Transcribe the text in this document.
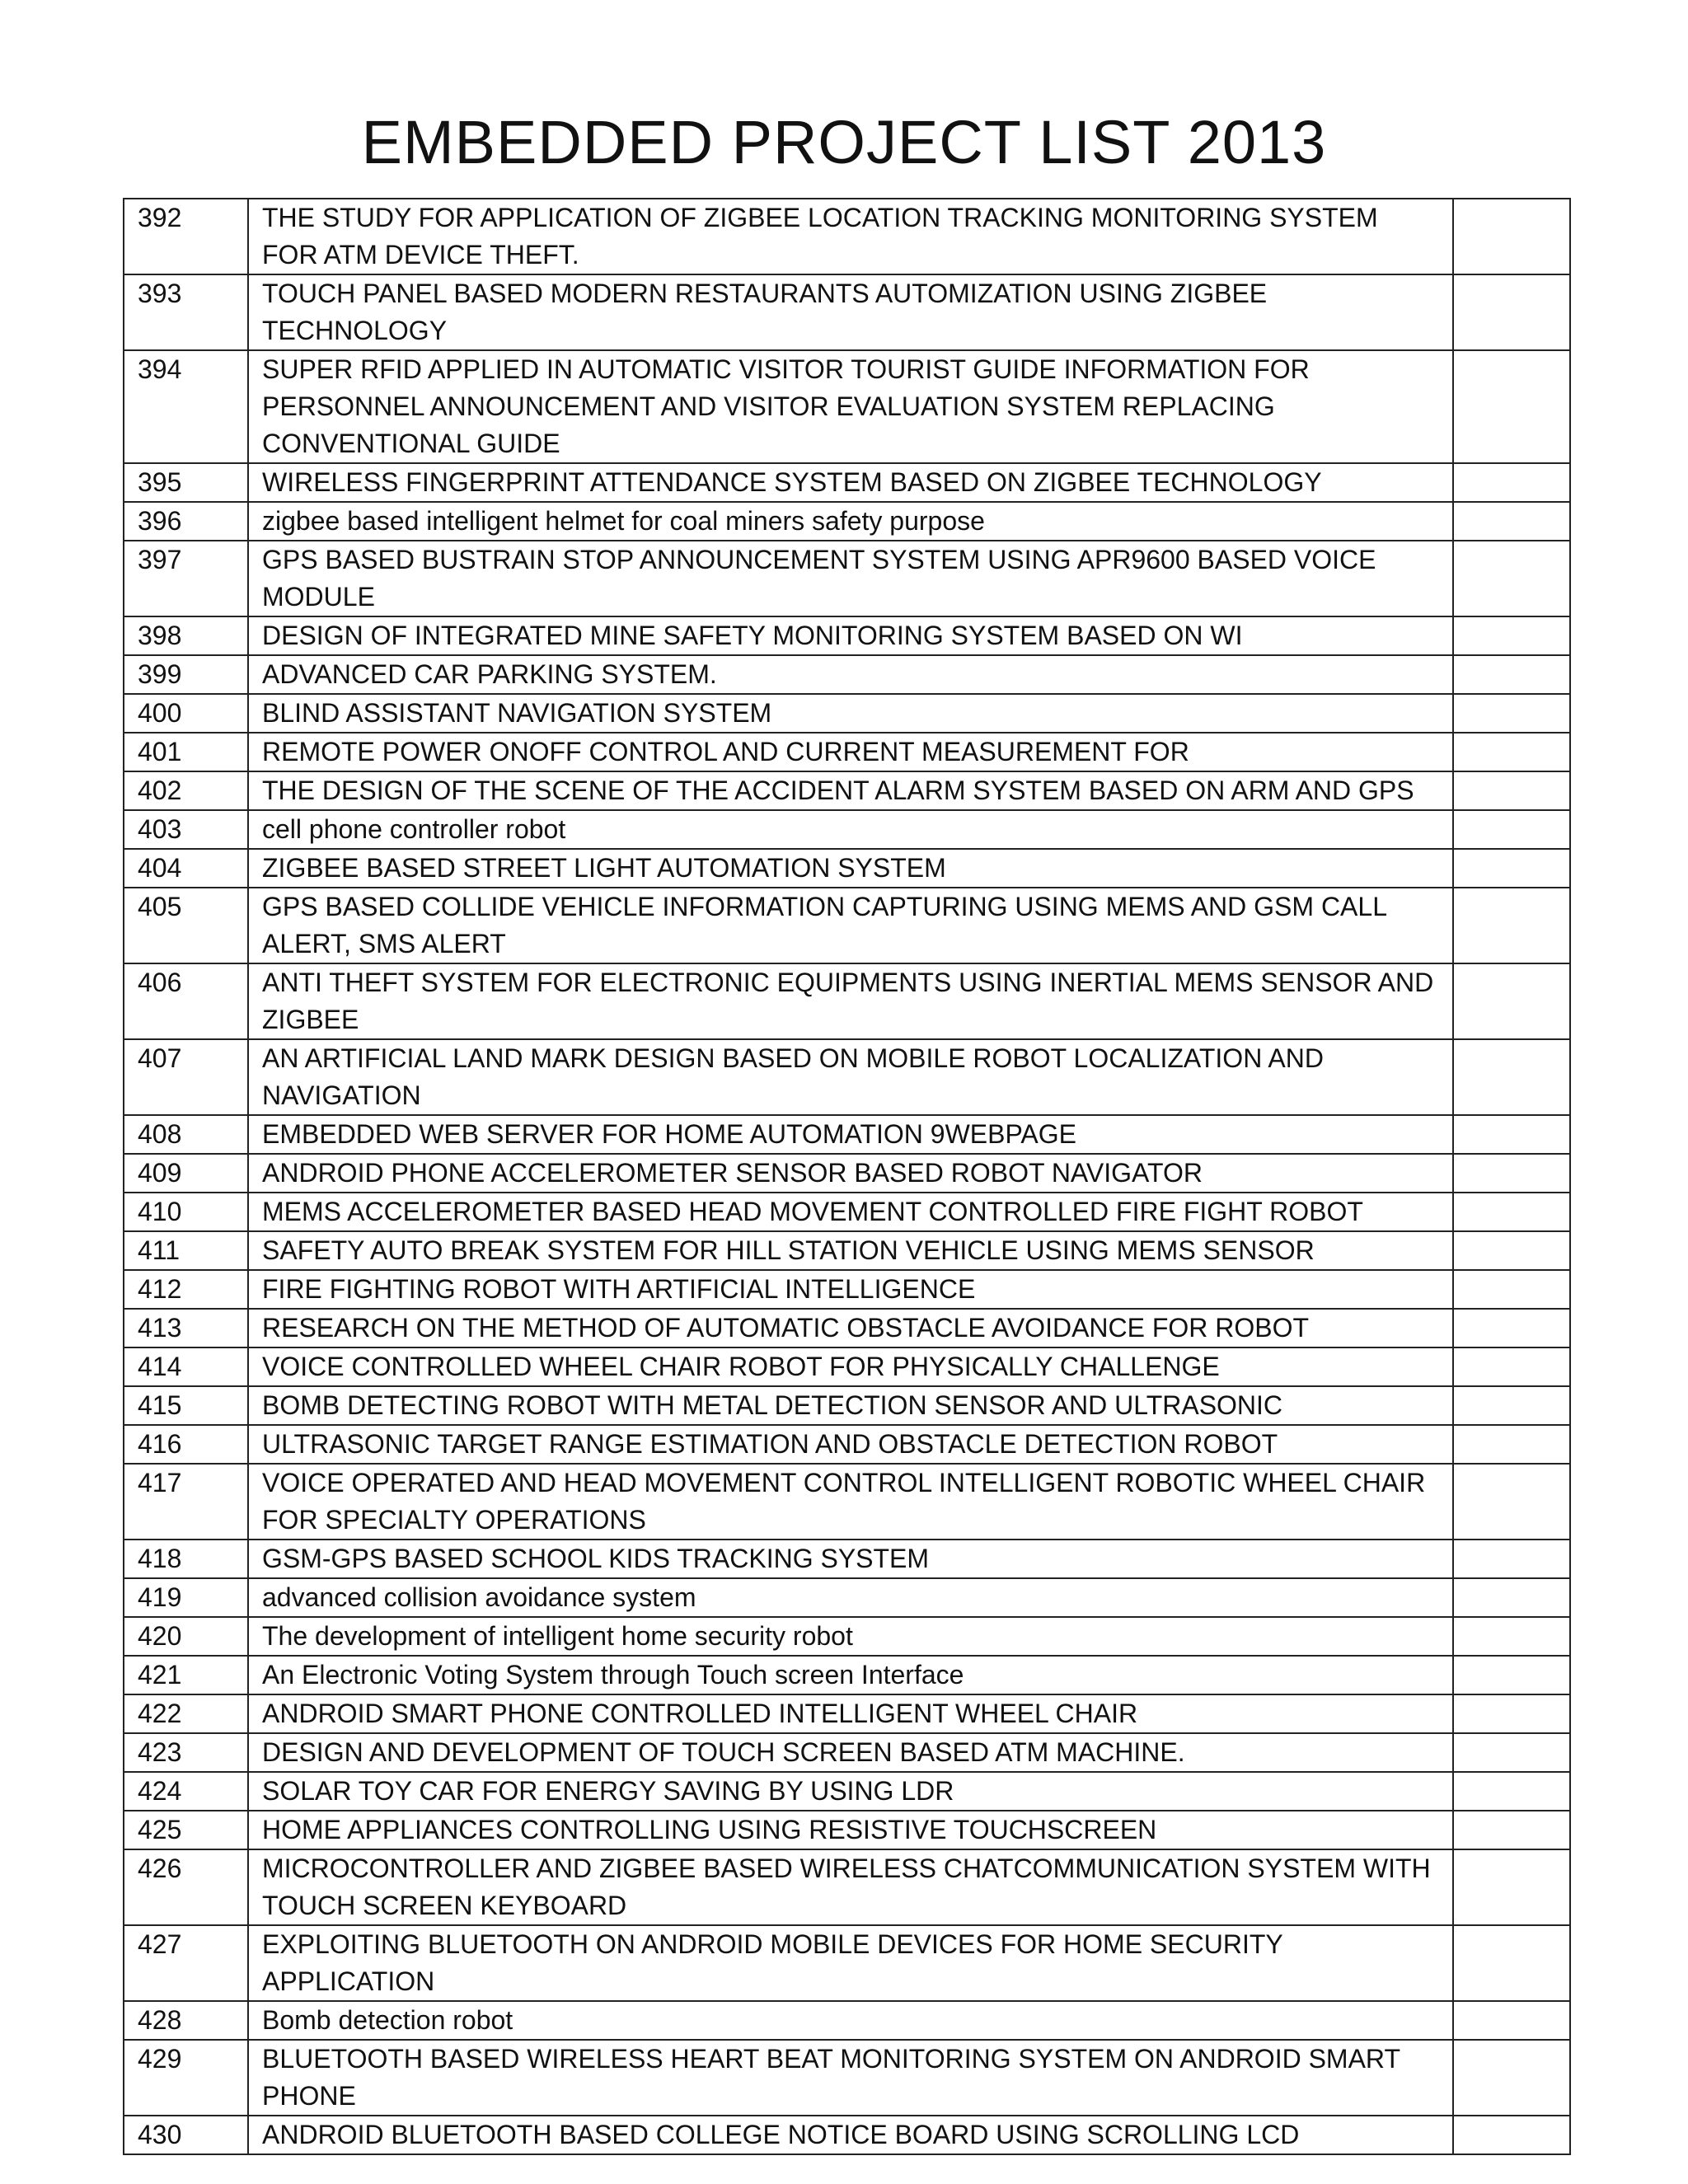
EMBEDDED PROJECT LIST 2013
392	THE STUDY FOR APPLICATION OF ZIGBEE LOCATION TRACKING MONITORING SYSTEM FOR ATM DEVICE THEFT.	
393	TOUCH PANEL BASED MODERN RESTAURANTS AUTOMIZATION USING ZIGBEE TECHNOLOGY	
394	SUPER RFID APPLIED IN AUTOMATIC VISITOR TOURIST GUIDE INFORMATION FOR PERSONNEL ANNOUNCEMENT AND VISITOR EVALUATION SYSTEM REPLACING CONVENTIONAL GUIDE	
395	WIRELESS FINGERPRINT ATTENDANCE SYSTEM BASED ON ZIGBEE TECHNOLOGY	
396	zigbee based intelligent helmet for coal miners safety purpose	
397	GPS BASED BUSTRAIN STOP ANNOUNCEMENT SYSTEM USING APR9600 BASED VOICE MODULE	
398	DESIGN OF INTEGRATED MINE SAFETY MONITORING SYSTEM BASED ON WI	
399	ADVANCED CAR PARKING SYSTEM.	
400	BLIND ASSISTANT NAVIGATION SYSTEM	
401	REMOTE POWER ONOFF CONTROL AND CURRENT MEASUREMENT FOR	
402	THE DESIGN OF THE SCENE OF THE ACCIDENT ALARM SYSTEM BASED ON ARM AND GPS	
403	cell phone controller robot	
404	ZIGBEE BASED STREET LIGHT AUTOMATION SYSTEM	
405	GPS BASED COLLIDE VEHICLE INFORMATION CAPTURING USING MEMS AND GSM CALL ALERT, SMS ALERT	
406	ANTI THEFT SYSTEM FOR ELECTRONIC EQUIPMENTS USING INERTIAL MEMS SENSOR AND ZIGBEE	
407	AN ARTIFICIAL LAND MARK DESIGN BASED ON MOBILE ROBOT LOCALIZATION AND NAVIGATION	
408	EMBEDDED WEB SERVER FOR HOME AUTOMATION 9WEBPAGE	
409	ANDROID PHONE ACCELEROMETER SENSOR BASED ROBOT NAVIGATOR	
410	MEMS ACCELEROMETER BASED HEAD MOVEMENT CONTROLLED FIRE FIGHT ROBOT	
411	SAFETY AUTO BREAK SYSTEM FOR HILL STATION VEHICLE USING MEMS SENSOR	
412	FIRE FIGHTING ROBOT WITH ARTIFICIAL INTELLIGENCE	
413	RESEARCH ON THE METHOD OF AUTOMATIC OBSTACLE AVOIDANCE FOR ROBOT	
414	VOICE CONTROLLED WHEEL CHAIR ROBOT FOR PHYSICALLY CHALLENGE	
415	BOMB DETECTING ROBOT WITH METAL DETECTION SENSOR AND ULTRASONIC	
416	ULTRASONIC TARGET RANGE ESTIMATION AND OBSTACLE DETECTION ROBOT	
417	VOICE OPERATED AND HEAD MOVEMENT CONTROL INTELLIGENT ROBOTIC WHEEL CHAIR FOR SPECIALTY OPERATIONS	
418	GSM-GPS BASED SCHOOL KIDS TRACKING SYSTEM	
419	advanced collision avoidance system	
420	The development of intelligent home security robot	
421	An Electronic Voting System through Touch screen Interface	
422	ANDROID SMART PHONE CONTROLLED INTELLIGENT WHEEL CHAIR	
423	DESIGN AND DEVELOPMENT OF TOUCH SCREEN BASED ATM MACHINE.	
424	SOLAR TOY CAR FOR ENERGY SAVING BY USING LDR	
425	HOME APPLIANCES CONTROLLING USING RESISTIVE TOUCHSCREEN	
426	MICROCONTROLLER AND ZIGBEE BASED WIRELESS CHATCOMMUNICATION SYSTEM WITH TOUCH SCREEN KEYBOARD	
427	EXPLOITING BLUETOOTH ON ANDROID MOBILE DEVICES FOR HOME SECURITY APPLICATION	
428	Bomb detection robot	
429	BLUETOOTH BASED WIRELESS HEART BEAT MONITORING SYSTEM ON ANDROID SMART PHONE	
430	ANDROID BLUETOOTH BASED COLLEGE NOTICE BOARD USING SCROLLING LCD	
